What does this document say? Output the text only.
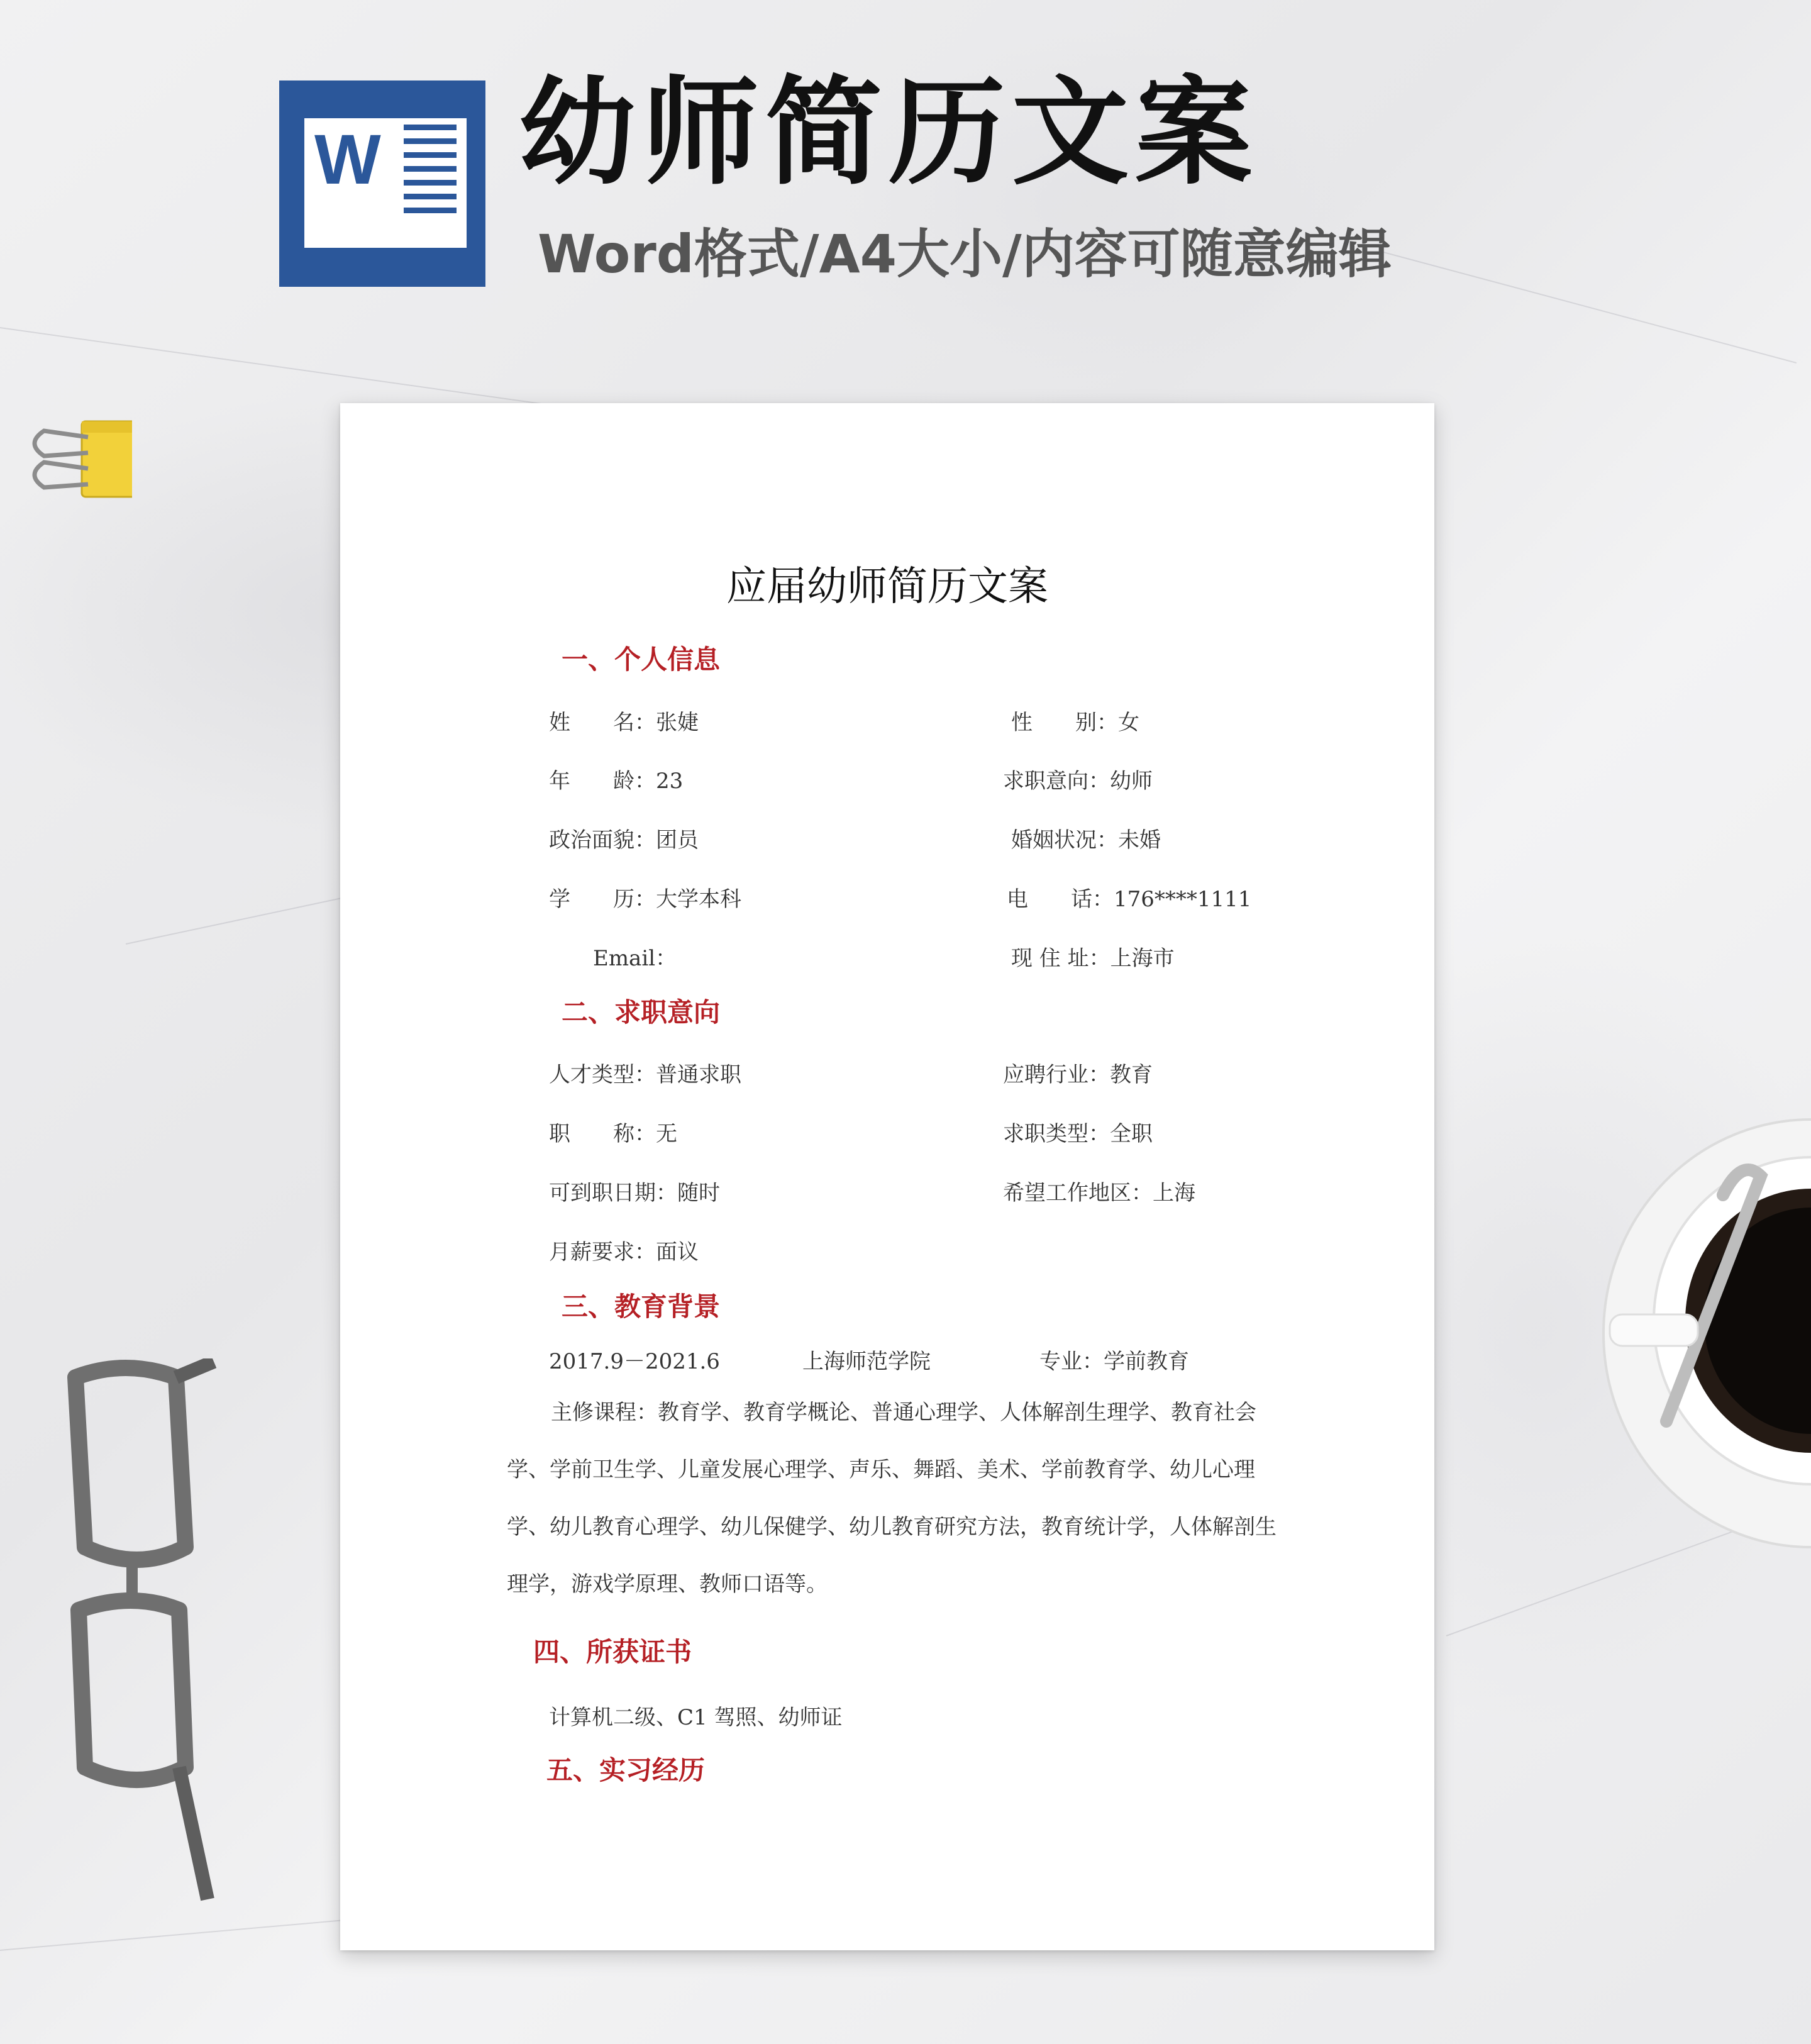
W 幼师简历文案
Word格式/A4大小/内容可随意编辑
应届幼师简历文案
一、个人信息
姓　　名：张婕	性　　别：女
年　　龄：23	求职意向：幼师
政治面貌：团员	婚姻状况：未婚
学　　历：大学本科	电　　话：176****1111
Email：	现 住 址：上海市
二、求职意向
人才类型：普通求职	应聘行业：教育
职　　称：无	求职类型：全职
可到职日期：随时	希望工作地区：上海
月薪要求：面议
三、教育背景
2017.9－2021.6	上海师范学院	专业：学前教育
主修课程：教育学、教育学概论、普通心理学、人体解剖生理学、教育社会学、学前卫生学、儿童发展心理学、声乐、舞蹈、美术、学前教育学、幼儿心理学、幼儿教育心理学、幼儿保健学、幼儿教育研究方法，教育统计学，人体解剖生理学，游戏学原理、教师口语等。
四、所获证书
计算机二级、C1 驾照、幼师证
五、实习经历
